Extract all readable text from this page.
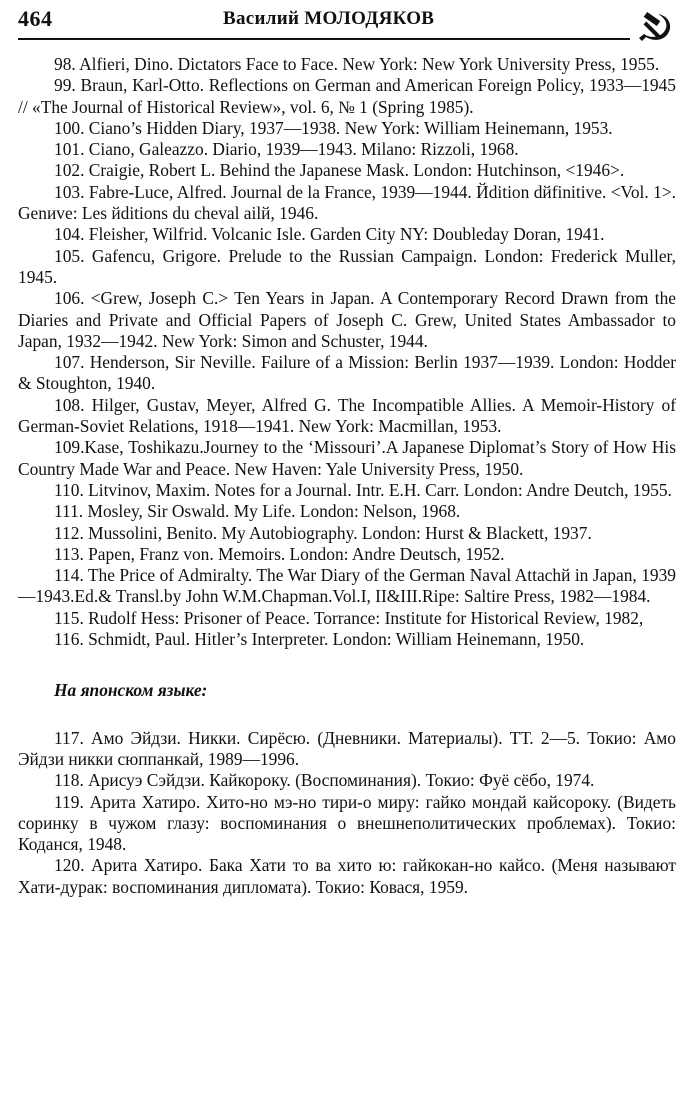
464	Василий МОЛОДЯКОВ

98. Alfieri, Dino. Dictators Face to Face. New York: New York University Press, 1955.

99. Braun, Karl-Otto. Reflections on German and American Foreign Policy, 1933—1945 // «The Journal of Historical Review», vol. 6, № 1 (Spring 1985).

100. Ciano’s Hidden Diary, 1937—1938. New York: William Heinemann, 1953.

101. Ciano, Galeazzo. Diario, 1939—1943. Milano: Rizzoli, 1968.

102. Craigie, Robert L. Behind the Japanese Mask. London: Hutchinson, <1946>.

103. Fabre-Luce, Alfred. Journal de la France, 1939—1944. Йdition dйfinitive. <Vol. 1>. Genиve: Les йditions du cheval ailй, 1946.

104. Fleisher, Wilfrid. Volcanic Isle. Garden City NY: Doubleday Doran, 1941.

105. Gafencu, Grigore. Prelude to the Russian Campaign. London: Frederick Muller, 1945.

106. <Grew, Joseph C.> Ten Years in Japan. A Contemporary Record Drawn from the Diaries and Private and Official Papers of Joseph C. Grew, United States Ambassador to Japan, 1932—1942. New York: Simon and Schuster, 1944.

107. Henderson, Sir Neville. Failure of a Mission: Berlin 1937—1939. London: Hodder & Stoughton, 1940.

108. Hilger, Gustav, Meyer, Alfred G. The Incompatible Allies. A Memoir-History of German-Soviet Relations, 1918—1941. New York: Macmillan, 1953.

109.Kase, Toshikazu.Journey to the ‘Missouri’.A Japanese Diplomat’s Story of How His Country Made War and Peace. New Haven: Yale University Press, 1950.

110. Litvinov, Maxim. Notes for a Journal. Intr. E.H. Carr. London: Andre Deutch, 1955.

111. Mosley, Sir Oswald. My Life. London: Nelson, 1968.

112. Mussolini, Benito. My Autobiography. London: Hurst & Blackett, 1937.

113. Papen, Franz von. Memoirs. London: Andre Deutsch, 1952.

114. The Price of Admiralty. The War Diary of the German Naval Attachй in Japan, 1939—1943.Ed.& Transl.by John W.M.Chapman.Vol.I, II&III.Ripe: Saltire Press, 1982—1984.

115. Rudolf Hess: Prisoner of Peace. Torrance: Institute for Historical Review, 1982,

116. Schmidt, Paul. Hitler’s Interpreter. London: William Heinemann, 1950.

На японском языке:

117. Амо Эйдзи. Никки. Сирёсю. (Дневники. Материалы). ТТ. 2—5. Токио: Амо Эйдзи никки сюппанкай, 1989—1996.

118. Арисуэ Сэйдзи. Кайкороку. (Воспоминания). Токио: Фуё сёбо, 1974.

119. Арита Хатиро. Хито-но мэ-но тири-о миру: гайко мондай кайсороку. (Видеть соринку в чужом глазу: воспоминания о внешнеполитических проблемах). Токио: Коданся, 1948.

120. Арита Хатиро. Бака Хати то ва хито ю: гайкокан-но кайсо. (Меня называют Хати-дурак: воспоминания дипломата). Токио: Ковася, 1959.
